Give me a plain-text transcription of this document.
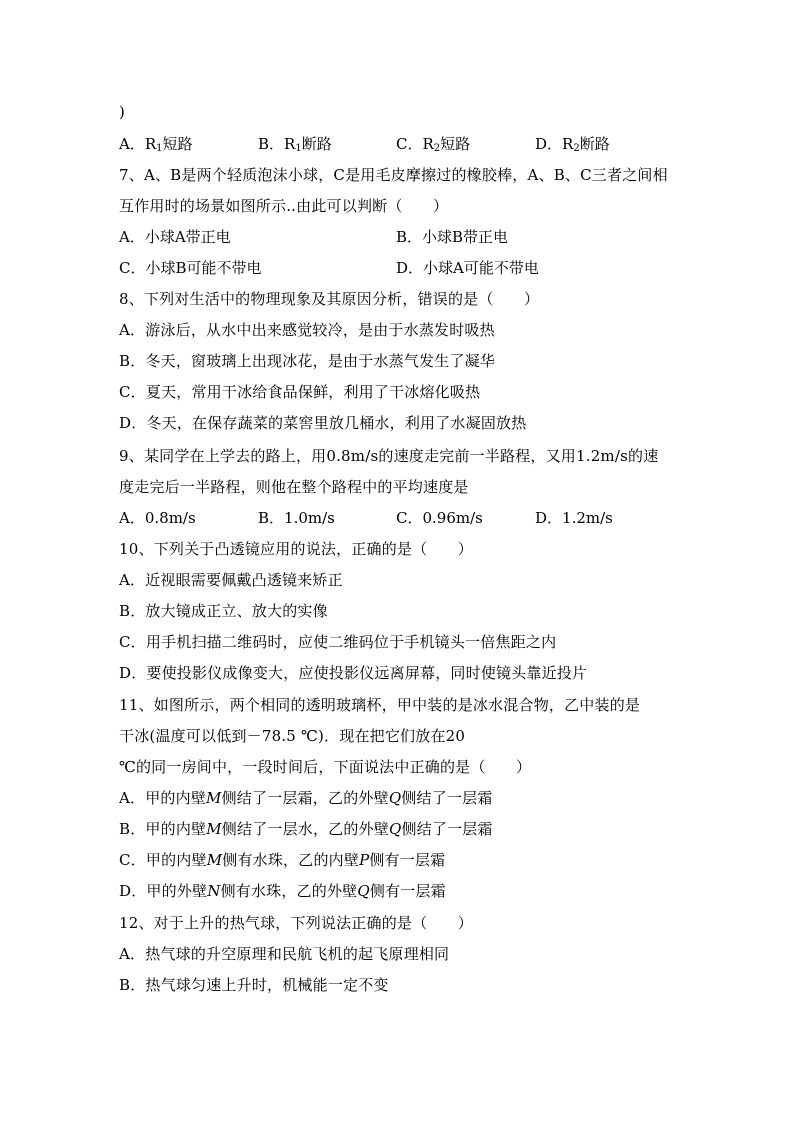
)
A．$R_1$短路	B．$R_1$断路	C．$R_2$短路	D．$R_2$断路
7、A、B是两个轻质泡沫小球，C是用毛皮摩擦过的橡胶棒，A、B、C三者之间相
互作用时的场景如图所示..由此可以判断（　　）
A．小球A带正电	B．小球B带正电
C．小球B可能不带电	D．小球A可能不带电
8、下列对生活中的物理现象及其原因分析，错误的是（　　）
A．游泳后，从水中出来感觉较冷，是由于水蒸发时吸热
B．冬天，窗玻璃上出现冰花，是由于水蒸气发生了凝华
C．夏天，常用干冰给食品保鲜，利用了干冰熔化吸热
D．冬天，在保存蔬菜的菜窖里放几桶水，利用了水凝固放热
9、某同学在上学去的路上，用0.8m/s的速度走完前一半路程，又用1.2m/s的速
度走完后一半路程，则他在整个路程中的平均速度是
A．0.8m/s	B．1.0m/s	C．0.96m/s	D．1.2m/s
10、下列关于凸透镜应用的说法，正确的是（　　）
A．近视眼需要佩戴凸透镜来矫正
B．放大镜成正立、放大的实像
C．用手机扫描二维码时，应使二维码位于手机镜头一倍焦距之内
D．要使投影仪成像变大，应使投影仪远离屏幕，同时使镜头靠近投片
11、如图所示，两个相同的透明玻璃杯，甲中装的是冰水混合物，乙中装的是
干冰(温度可以低到－78.5 ℃)．现在把它们放在20
℃的同一房间中，一段时间后，下面说法中正确的是（　　）
A．甲的内壁M侧结了一层霜，乙的外壁Q侧结了一层霜
B．甲的内壁M侧结了一层水，乙的外壁Q侧结了一层霜
C．甲的内壁M侧有水珠，乙的内壁P侧有一层霜
D．甲的外壁N侧有水珠，乙的外壁Q侧有一层霜
12、对于上升的热气球，下列说法正确的是（　　）
A．热气球的升空原理和民航飞机的起飞原理相同
B．热气球匀速上升时，机械能一定不变
